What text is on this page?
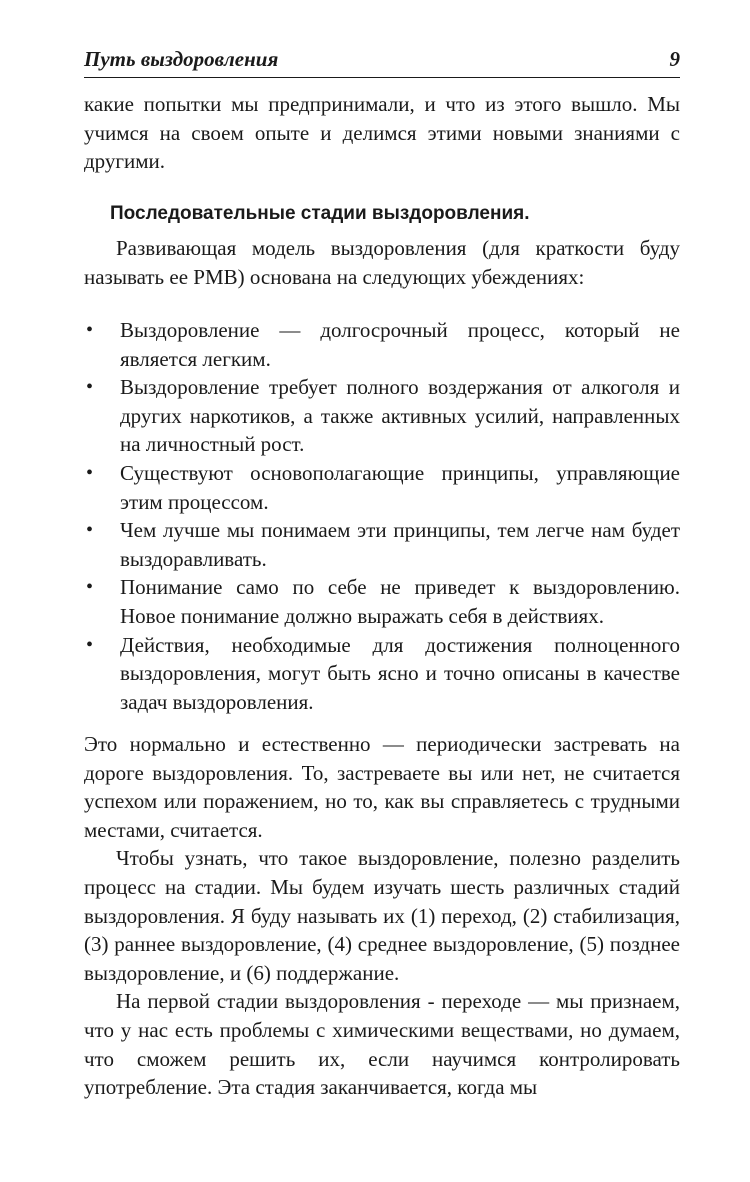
Путь выздоровления	9

какие попытки мы предпринимали, и что из этого вышло. Мы учимся на своем опыте и делимся этими новыми знаниями с другими.

Последовательные стадии выздоровления.

Развивающая модель выздоровления (для краткости буду называть ее РМВ) основана на следующих убеждениях:

• Выздоровление — долгосрочный процесс, который не является легким.
• Выздоровление требует полного воздержания от алкоголя и других наркотиков, а также активных усилий, направленных на личностный рост.
• Существуют основополагающие принципы, управляющие этим процессом.
• Чем лучше мы понимаем эти принципы, тем легче нам будет выздоравливать.
• Понимание само по себе не приведет к выздоровлению. Новое понимание должно выражать себя в действиях.
• Действия, необходимые для достижения полноценного выздоровления, могут быть ясно и точно описаны в качестве задач выздоровления.

Это нормально и естественно — периодически застревать на дороге выздоровления. То, застреваете вы или нет, не считается успехом или поражением, но то, как вы справляетесь с трудными местами, считается.

Чтобы узнать, что такое выздоровление, полезно разделить процесс на стадии. Мы будем изучать шесть различных стадий выздоровления. Я буду называть их (1) переход, (2) стабилизация, (3) раннее выздоровление, (4) среднее выздоровление, (5) позднее выздоровление, и (6) поддержание.

На первой стадии выздоровления - переходе — мы признаем, что у нас есть проблемы с химическими веществами, но думаем, что сможем решить их, если научимся контролировать употребление. Эта стадия заканчивается, когда мы
